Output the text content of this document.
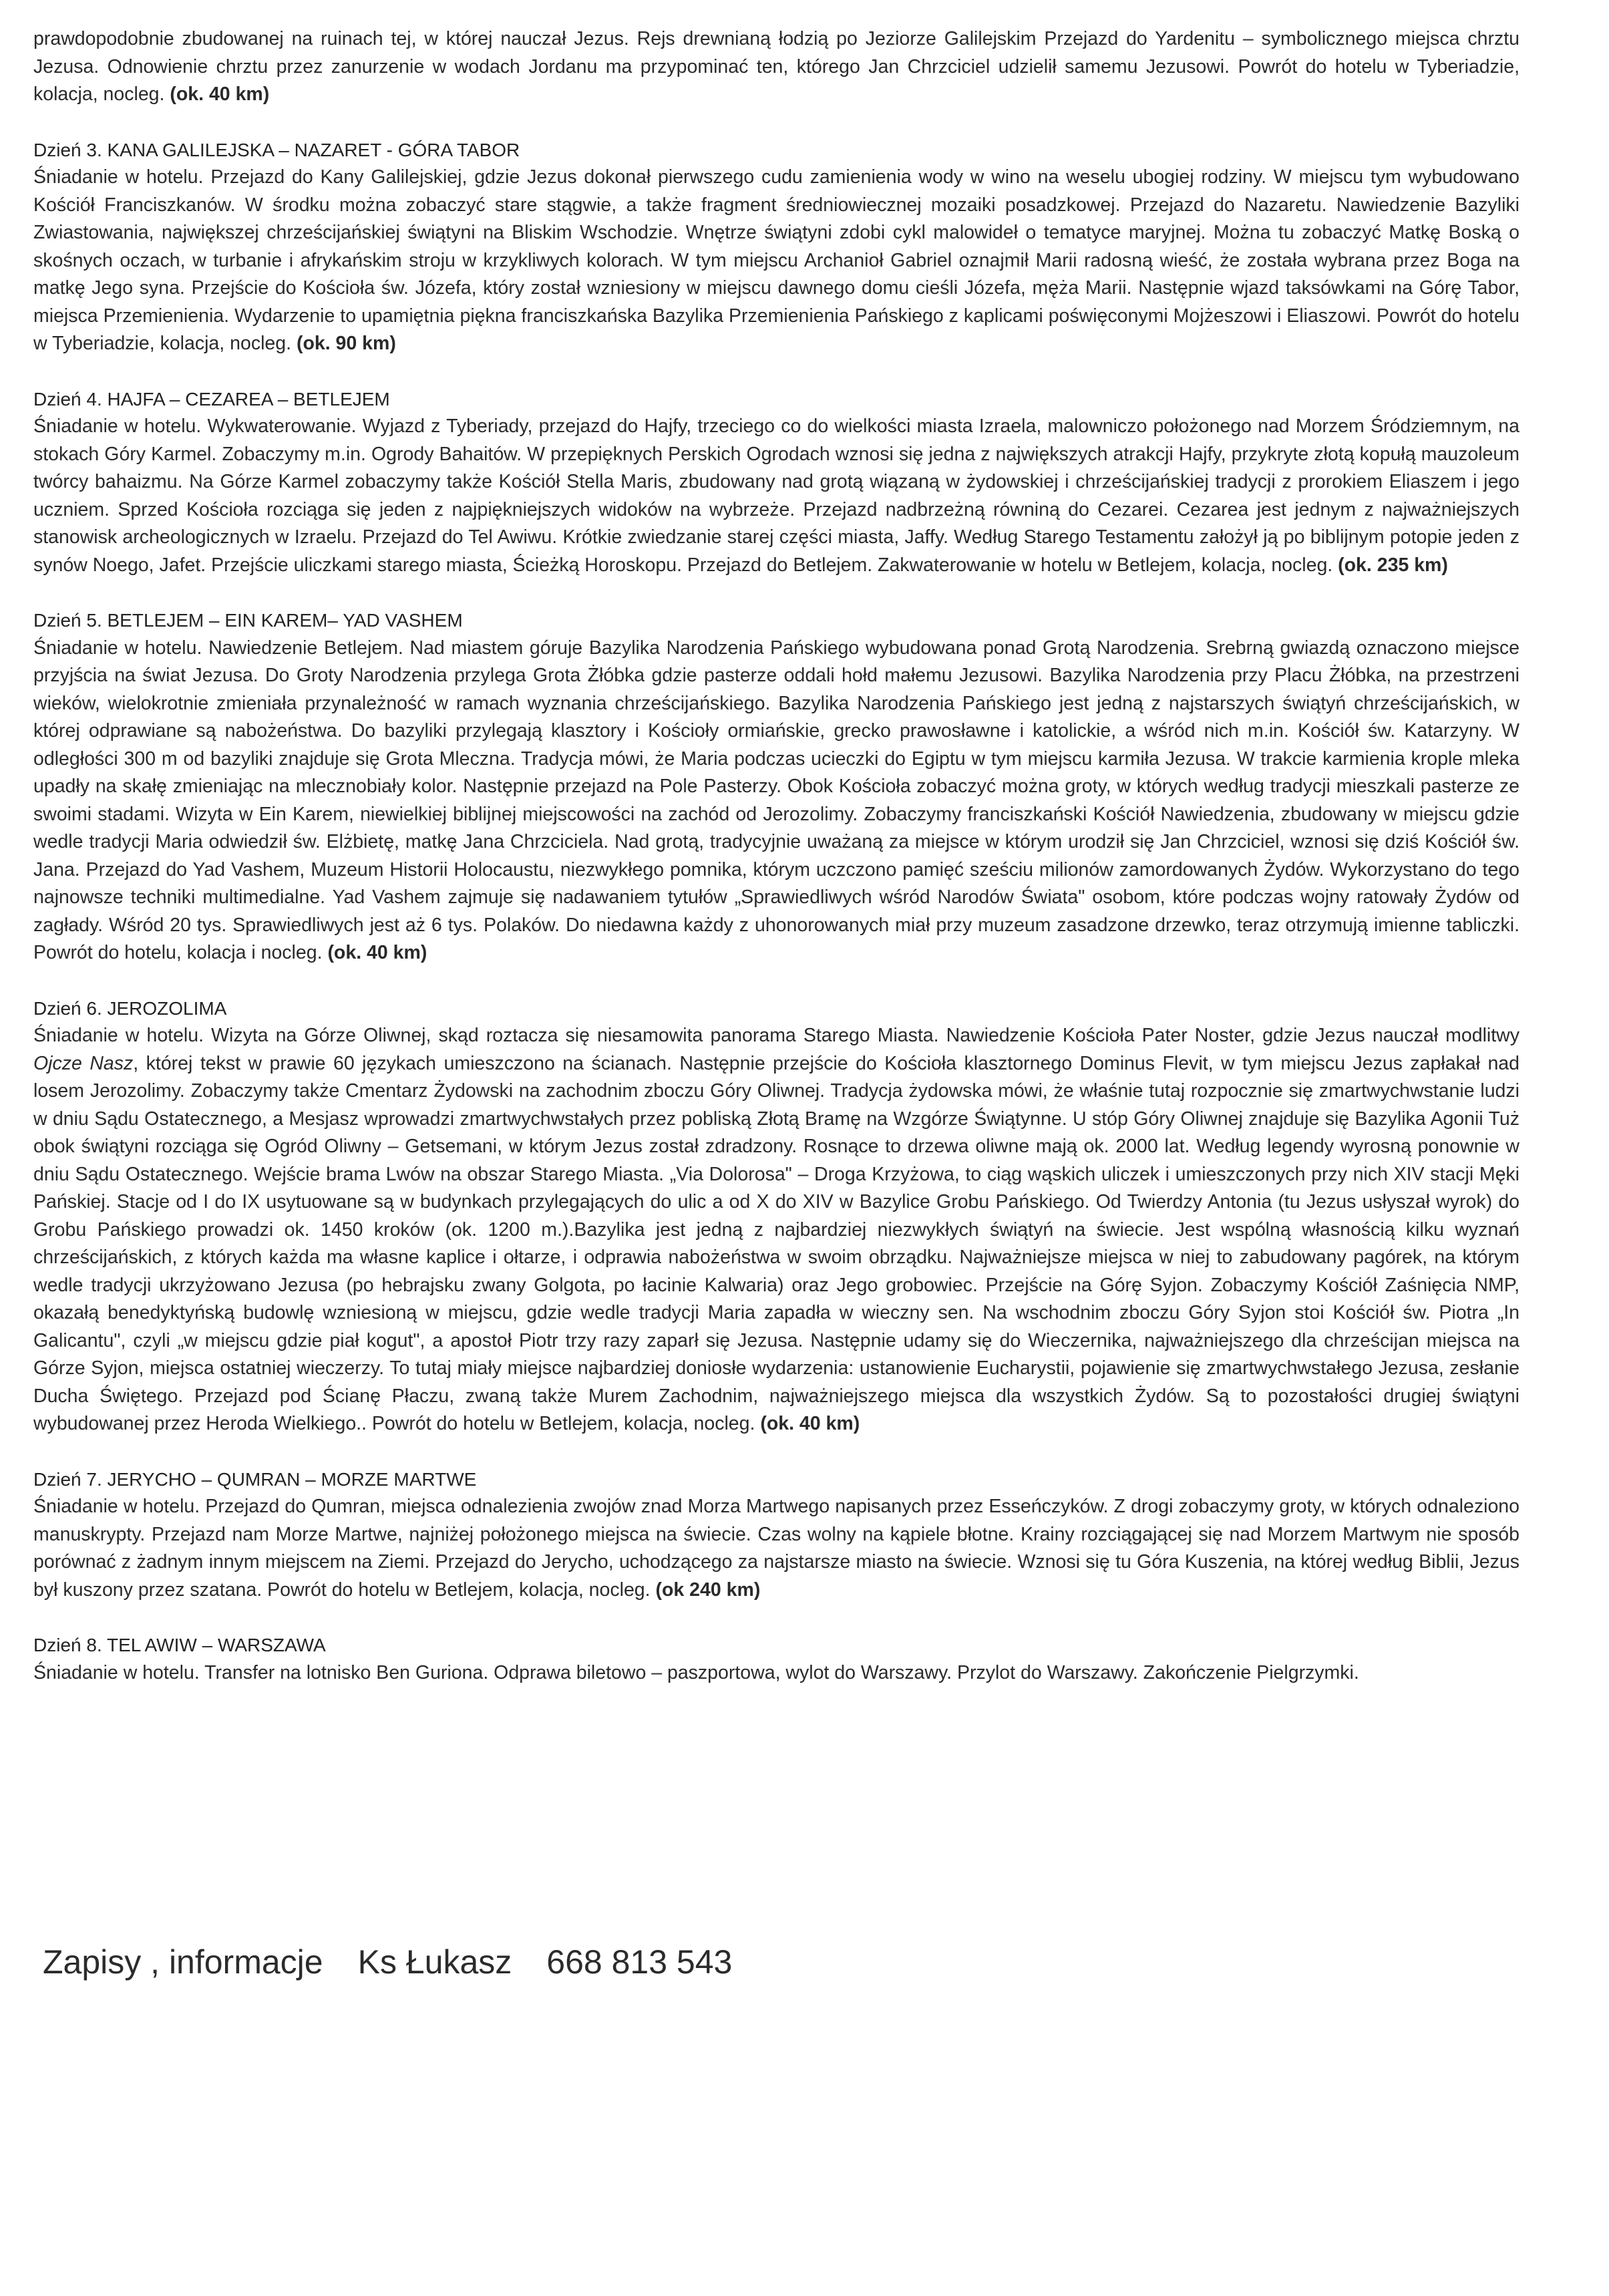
prawdopodobnie zbudowanej na ruinach tej, w której nauczał Jezus. Rejs drewnianą łodzią po Jeziorze Galilejskim Przejazd do Yardenitu – symbolicznego miejsca chrztu Jezusa. Odnowienie chrztu przez zanurzenie w wodach Jordanu ma przypominać ten, którego Jan Chrzciciel udzielił samemu Jezusowi. Powrót do hotelu w Tyberiadzie, kolacja, nocleg. (ok. 40 km)

Dzień 3. KANA GALILEJSKA – NAZARET - GÓRA TABOR

Śniadanie w hotelu. Przejazd do Kany Galilejskiej, gdzie Jezus dokonał pierwszego cudu zamienienia wody w wino na weselu ubogiej rodziny. W miejscu tym wybudowano Kościół Franciszkanów. W środku można zobaczyć stare stągwie, a także fragment średniowiecznej mozaiki posadzkowej. Przejazd do Nazaretu. Nawiedzenie Bazyliki Zwiastowania, największej chrześcijańskiej świątyni na Bliskim Wschodzie. Wnętrze świątyni zdobi cykl malowideł o tematyce maryjnej. Można tu zobaczyć Matkę Boską o skośnych oczach, w turbanie i afrykańskim stroju w krzykliwych kolorach. W tym miejscu Archanioł Gabriel oznajmił Marii radosną wieść, że została wybrana przez Boga na matkę Jego syna. Przejście do Kościoła św. Józefa, który został wzniesiony w miejscu dawnego domu cieśli Józefa, męża Marii. Następnie wjazd taksówkami na Górę Tabor, miejsca Przemienienia. Wydarzenie to upamiętnia piękna franciszkańska Bazylika Przemienienia Pańskiego z kaplicami poświęconymi Mojżeszowi i Eliaszowi. Powrót do hotelu w Tyberiadzie, kolacja, nocleg. (ok. 90 km)

Dzień 4. HAJFA – CEZAREA – BETLEJEM

Śniadanie w hotelu. Wykwaterowanie. Wyjazd z Tyberiady, przejazd do Hajfy, trzeciego co do wielkości miasta Izraela, malowniczo położonego nad Morzem Śródziemnym, na stokach Góry Karmel. Zobaczymy m.in. Ogrody Bahaitów. W przepięknych Perskich Ogrodach wznosi się jedna z największych atrakcji Hajfy, przykryte złotą kopułą mauzoleum twórcy bahaizmu. Na Górze Karmel zobaczymy także Kościół Stella Maris, zbudowany nad grotą wiązaną w żydowskiej i chrześcijańskiej tradycji z prorokiem Eliaszem i jego uczniem. Sprzed Kościoła rozciąga się jeden z najpiękniejszych widoków na wybrzeże. Przejazd nadbrzeżną równiną do Cezarei. Cezarea jest jednym z najważniejszych stanowisk archeologicznych w Izraelu. Przejazd do Tel Awiwu. Krótkie zwiedzanie starej części miasta, Jaffy. Według Starego Testamentu założył ją po biblijnym potopie jeden z synów Noego, Jafet. Przejście uliczkami starego miasta, Ścieżką Horoskopu. Przejazd do Betlejem. Zakwaterowanie w hotelu w Betlejem, kolacja, nocleg. (ok. 235 km)

Dzień 5. BETLEJEM – EIN KAREM– YAD VASHEM

Śniadanie w hotelu. Nawiedzenie Betlejem. Nad miastem góruje Bazylika Narodzenia Pańskiego wybudowana ponad Grotą Narodzenia. Srebrną gwiazdą oznaczono miejsce przyjścia na świat Jezusa. Do Groty Narodzenia przylega Grota Żłóbka gdzie pasterze oddali hołd małemu Jezusowi. Bazylika Narodzenia przy Placu Żłóbka, na przestrzeni wieków, wielokrotnie zmieniała przynależność w ramach wyznania chrześcijańskiego. Bazylika Narodzenia Pańskiego jest jedną z najstarszych świątyń chrześcijańskich, w której odprawiane są nabożeństwa. Do bazyliki przylegają klasztory i Kościoły ormiańskie, grecko prawosławne i katolickie, a wśród nich m.in. Kościół św. Katarzyny. W odległości 300 m od bazyliki znajduje się Grota Mleczna. Tradycja mówi, że Maria podczas ucieczki do Egiptu w tym miejscu karmiła Jezusa. W trakcie karmienia krople mleka upadły na skałę zmieniając na mlecznobiały kolor. Następnie przejazd na Pole Pasterzy. Obok Kościoła zobaczyć można groty, w których według tradycji mieszkali pasterze ze swoimi stadami. Wizyta w Ein Karem, niewielkiej biblijnej miejscowości na zachód od Jerozolimy. Zobaczymy franciszkański Kościół Nawiedzenia, zbudowany w miejscu gdzie wedle tradycji Maria odwiedził św. Elżbietę, matkę Jana Chrzciciela. Nad grotą, tradycyjnie uważaną za miejsce w którym urodził się Jan Chrzciciel, wznosi się dziś Kościół św. Jana. Przejazd do Yad Vashem, Muzeum Historii Holocaustu, niezwykłego pomnika, którym uczczono pamięć sześciu milionów zamordowanych Żydów. Wykorzystano do tego najnowsze techniki multimedialne. Yad Vashem zajmuje się nadawaniem tytułów „Sprawiedliwych wśród Narodów Świata" osobom, które podczas wojny ratowały Żydów od zagłady. Wśród 20 tys. Sprawiedliwych jest aż 6 tys. Polaków. Do niedawna każdy z uhonorowanych miał przy muzeum zasadzone drzewko, teraz otrzymują imienne tabliczki. Powrót do hotelu, kolacja i nocleg. (ok. 40 km)

Dzień 6. JEROZOLIMA

Śniadanie w hotelu. Wizyta na Górze Oliwnej, skąd roztacza się niesamowita panorama Starego Miasta. Nawiedzenie Kościoła Pater Noster, gdzie Jezus nauczał modlitwy Ojcze Nasz, której tekst w prawie 60 językach umieszczono na ścianach. Następnie przejście do Kościoła klasztornego Dominus Flevit, w tym miejscu Jezus zapłakał nad losem Jerozolimy. Zobaczymy także Cmentarz Żydowski na zachodnim zboczu Góry Oliwnej. Tradycja żydowska mówi, że właśnie tutaj rozpocznie się zmartwychwstanie ludzi w dniu Sądu Ostatecznego, a Mesjasz wprowadzi zmartwychwstałych przez pobliską Złotą Bramę na Wzgórze Świątynne. U stóp Góry Oliwnej znajduje się Bazylika Agonii Tuż obok świątyni rozciąga się Ogród Oliwny – Getsemani, w którym Jezus został zdradzony. Rosnące to drzewa oliwne mają ok. 2000 lat. Według legendy wyrosną ponownie w dniu Sądu Ostatecznego. Wejście brama Lwów na obszar Starego Miasta. „Via Dolorosa" – Droga Krzyżowa, to ciąg wąskich uliczek i umieszczonych przy nich XIV stacji Męki Pańskiej. Stacje od I do IX usytuowane są w budynkach przylegających do ulic a od X do XIV w Bazylice Grobu Pańskiego. Od Twierdzy Antonia (tu Jezus usłyszał wyrok) do Grobu Pańskiego prowadzi ok. 1450 kroków (ok. 1200 m.).Bazylika jest jedną z najbardziej niezwykłych świątyń na świecie. Jest wspólną własnością kilku wyznań chrześcijańskich, z których każda ma własne kaplice i ołtarze, i odprawia nabożeństwa w swoim obrządku. Najważniejsze miejsca w niej to zabudowany pagórek, na którym wedle tradycji ukrzyżowano Jezusa (po hebrajsku zwany Golgota, po łacinie Kalwaria) oraz Jego grobowiec. Przejście na Górę Syjon. Zobaczymy Kościół Zaśnięcia NMP, okazałą benedyktyńską budowlę wzniesioną w miejscu, gdzie wedle tradycji Maria zapadła w wieczny sen. Na wschodnim zboczu Góry Syjon stoi Kościół św. Piotra „In Galicantu", czyli „w miejscu gdzie piał kogut", a apostoł Piotr trzy razy zaparł się Jezusa. Następnie udamy się do Wieczernika, najważniejszego dla chrześcijan miejsca na Górze Syjon, miejsca ostatniej wieczerzy. To tutaj miały miejsce najbardziej doniosłe wydarzenia: ustanowienie Eucharystii, pojawienie się zmartwychwstałego Jezusa, zesłanie Ducha Świętego. Przejazd pod Ścianę Płaczu, zwaną także Murem Zachodnim, najważniejszego miejsca dla wszystkich Żydów. Są to pozostałości drugiej świątyni wybudowanej przez Heroda Wielkiego.. Powrót do hotelu w Betlejem, kolacja, nocleg. (ok. 40 km)

Dzień 7. JERYCHO – QUMRAN – MORZE MARTWE

Śniadanie w hotelu. Przejazd do Qumran, miejsca odnalezienia zwojów znad Morza Martwego napisanych przez Esseńczyków. Z drogi zobaczymy groty, w których odnaleziono manuskrypty. Przejazd nam Morze Martwe, najniżej położonego miejsca na świecie. Czas wolny na kąpiele błotne. Krainy rozciągającej się nad Morzem Martwym nie sposób porównać z żadnym innym miejscem na Ziemi. Przejazd do Jerycho, uchodzącego za najstarsze miasto na świecie. Wznosi się tu Góra Kuszenia, na której według Biblii, Jezus był kuszony przez szatana. Powrót do hotelu w Betlejem, kolacja, nocleg. (ok 240 km)

Dzień 8. TEL AWIW – WARSZAWA

Śniadanie w hotelu. Transfer na lotnisko Ben Guriona. Odprawa biletowo – paszportowa, wylot do Warszawy. Przylot do Warszawy. Zakończenie Pielgrzymki.

Zapisy , informacje Ks Łukasz 668 813 543
